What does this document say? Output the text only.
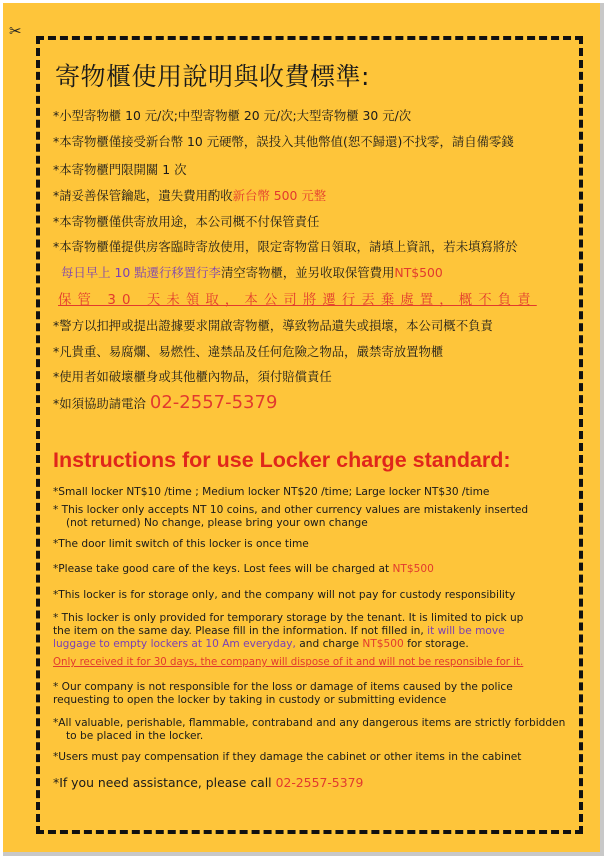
✂
寄物櫃使用說明與收費標準:
*小型寄物櫃 10 元/次;中型寄物櫃 20 元/次;大型寄物櫃 30 元/次
*本寄物櫃僅接受新台幣 10 元硬幣，誤投入其他幣值(恕不歸還)不找零，請自備零錢
*本寄物櫃門限開關 1 次
*請妥善保管鑰匙，遺失費用酌收新台幣 500 元整
*本寄物櫃僅供寄放用途，本公司概不付保管責任
*本寄物櫃僅提供房客臨時寄放使用，限定寄物當日領取，請填上資訊，若未填寫將於
每日早上 10 點遷行移置行李清空寄物櫃，並另收取保管費用NT$500
保管 30 天未領取，本公司將遷行丟棄處置，概不負責
*警方以扣押或提出證據要求開啟寄物櫃，導致物品遺失或損壞，本公司概不負責
*凡貴重、易腐爛、易燃性、違禁品及任何危險之物品，嚴禁寄放置物櫃
*使用者如破壞櫃身或其他櫃內物品，須付賠償責任
*如須協助請電洽 02-2557-5379
Instructions for use Locker charge standard:
*Small locker NT$10 /time ; Medium locker NT$20 /time; Large locker NT$30 /time
* This locker only accepts NT 10 coins, and other currency values are mistakenly inserted
(not returned) No change, please bring your own change
*The door limit switch of this locker is once time
*Please take good care of the keys. Lost fees will be charged at NT$500
*This locker is for storage only, and the company will not pay for custody responsibility
* This locker is only provided for temporary storage by the tenant. It is limited to pick up
the item on the same day. Please fill in the information. If not filled in, it will be move
luggage to empty lockers at 10 Am everyday, and charge NT$500 for storage.
Only received it for 30 days, the company will dispose of it and will not be responsible for it.
* Our company is not responsible for the loss or damage of items caused by the police
requesting to open the locker by taking in custody or submitting evidence
*All valuable, perishable, flammable, contraband and any dangerous items are strictly forbidden
to be placed in the locker.
*Users must pay compensation if they damage the cabinet or other items in the cabinet
*If you need assistance, please call 02-2557-5379
